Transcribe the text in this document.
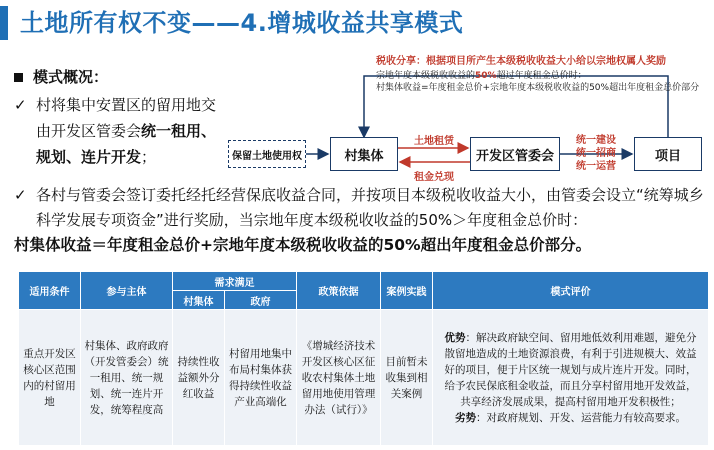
土地所有权不变——4.增城收益共享模式
模式概况：
✓ 村将集中安置区的留用地交由开发区管委会统一租用、规划、连片开发；
税收分享：根据项目所产生本级税收收益大小给以宗地权属人奖励
宗地年度本级税收收益的50%超过年度租金总价时：
村集体收益=年度租金总价+宗地年度本级税收收益的50%超出年度租金总价部分
保留土地使用权	村集体	开发区管委会	项目
土地租赁
租金兑现
统一建设
统一招商
统一运营
✓ 各村与管委会签订委托经托经营保底收益合同，并按项目本级税收收益大小，由管委会设立“统筹城乡科学发展专项资金”进行奖励，当宗地年度本级税收收益的50%＞年度租金总价时：
村集体收益＝年度租金总价+宗地年度本级税收收益的50%超出年度租金总价部分。
适用条件	参与主体	需求满足		政策依据	案例实践	模式评价
		村集体	政府			
重点开发区核心区范围内的村留用地	村集体、政府政府（开发管委会）统一租用、统一规划、统一连片开发，统筹程度高	持续性收益额外分红收益	村留用地集中布局村集体获得持续性收益产业高端化	《增城经济技术开发区核心区征收农村集体土地留用地使用管理办法（试行）》	目前暂未收集到相关案例	优势：解决政府缺空间、留用地低效利用难题，避免分散留地造成的土地资源浪费，有利于引进规模大、效益好的项目，便于片区统一规划与成片连片开发。同时，给予农民保底租金收益，而且分享村留用地开发效益，共享经济发展成果，提高村留用地开发积极性；
劣势：对政府规划、开发、运营能力有较高要求。
